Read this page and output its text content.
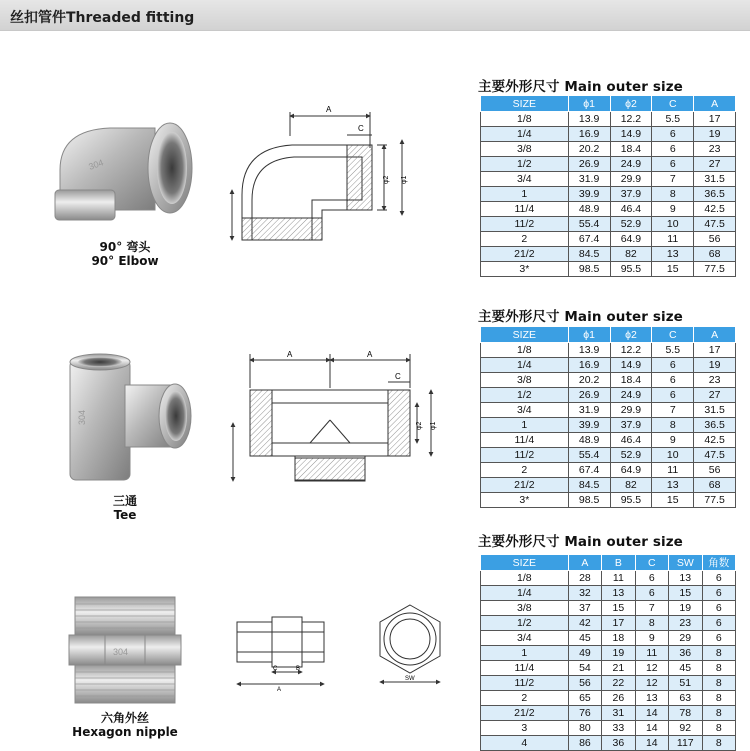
丝扣管件Threaded fitting
304
90° 弯头
90° Elbow
A
C
φ2 φ1
304
三通
Tee
A	A
C
φ2 φ1
304
六角外丝
Hexagon nipple
C	B
A
SW
主要外形尺寸 Main outer size
SIZE	ϕ1	ϕ2	C	A
1/8	13.9	12.2	5.5	17
1/4	16.9	14.9	6	19
3/8	20.2	18.4	6	23
1/2	26.9	24.9	6	27
3/4	31.9	29.9	7	31.5
1	39.9	37.9	8	36.5
11/4	48.9	46.4	9	42.5
11/2	55.4	52.9	10	47.5
2	67.4	64.9	11	56
21/2	84.5	82	13	68
3*	98.5	95.5	15	77.5
主要外形尺寸 Main outer size
SIZE	ϕ1	ϕ2	C	A
1/8	13.9	12.2	5.5	17
1/4	16.9	14.9	6	19
3/8	20.2	18.4	6	23
1/2	26.9	24.9	6	27
3/4	31.9	29.9	7	31.5
1	39.9	37.9	8	36.5
11/4	48.9	46.4	9	42.5
11/2	55.4	52.9	10	47.5
2	67.4	64.9	11	56
21/2	84.5	82	13	68
3*	98.5	95.5	15	77.5
主要外形尺寸 Main outer size
SIZE	A	B	C	SW	角数
1/8	28	11	6	13	6
1/4	32	13	6	15	6
3/8	37	15	7	19	6
1/2	42	17	8	23	6
3/4	45	18	9	29	6
1	49	19	11	36	8
11/4	54	21	12	45	8
11/2	56	22	12	51	8
2	65	26	13	63	8
21/2	76	31	14	78	8
3	80	33	14	92	8
4	86	36	14	117	8
